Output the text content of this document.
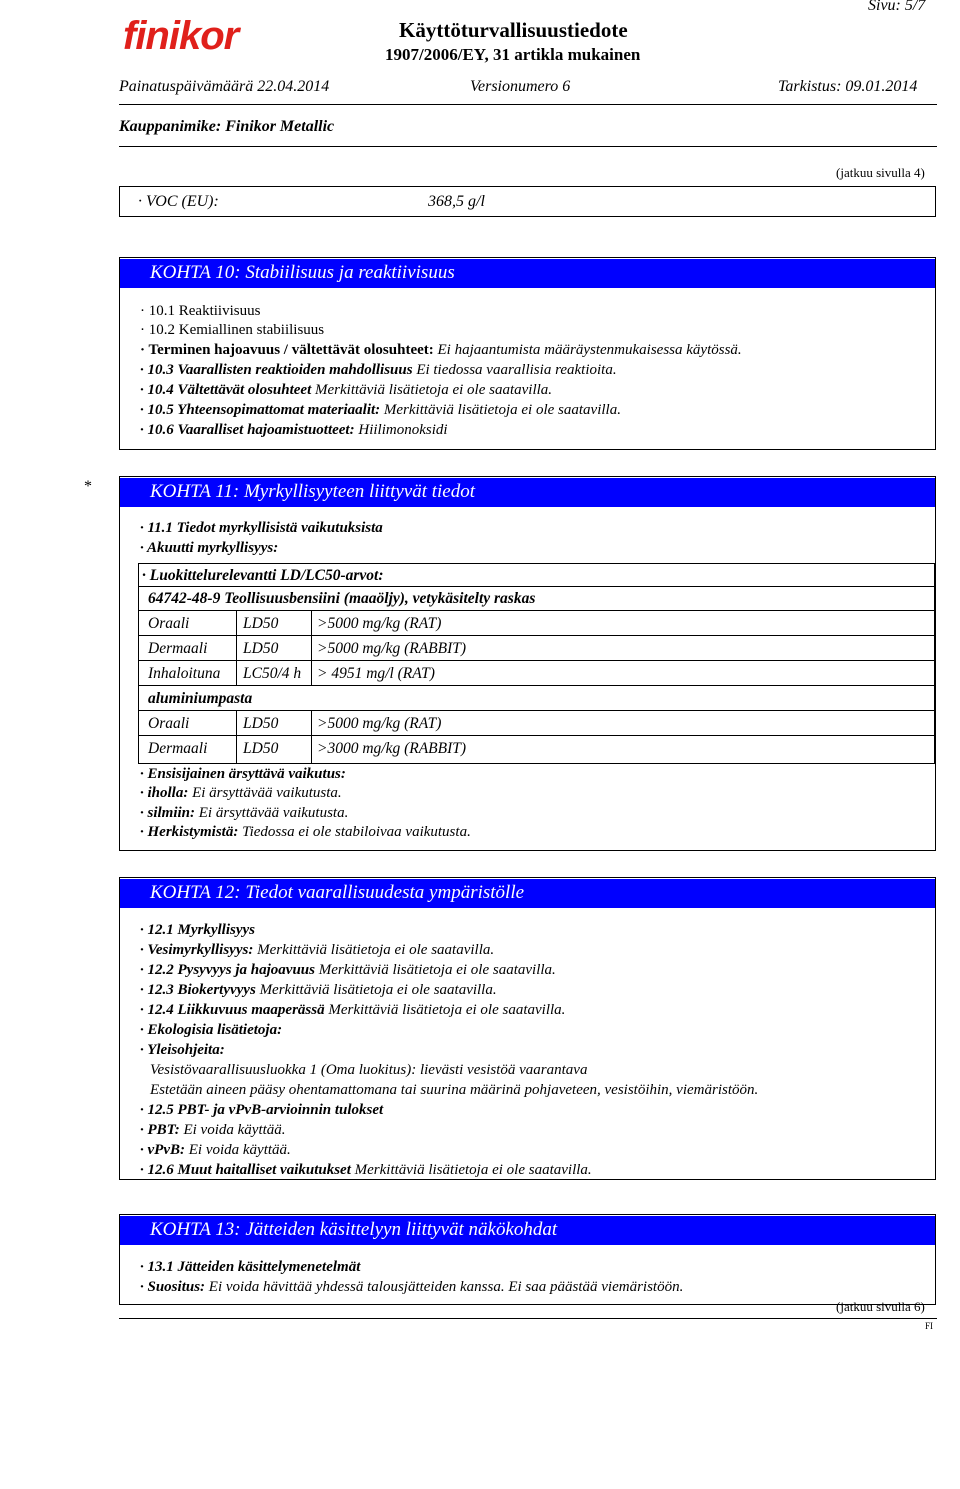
finikor	Käyttöturvallisuustiedote
1907/2006/EY, 31 artikla mukainen
Sivu: 5/7
Painatuspäivämäärä 22.04.2014	Versionumero 6	Tarkistus: 09.01.2014
Kauppanimike: Finikor Metallic
(jatkuu sivulla 4)
· VOC (EU):	368,5 g/l
KOHTA 10: Stabiilisuus ja reaktiivisuus
· 10.1 Reaktiivisuus
· 10.2 Kemiallinen stabiilisuus
· Terminen hajoavuus / vältettävät olosuhteet: Ei hajaantumista määräystenmukaisessa käytössä.
· 10.3 Vaarallisten reaktioiden mahdollisuus Ei tiedossa vaarallisia reaktioita.
· 10.4 Vältettävät olosuhteet Merkittäviä lisätietoja ei ole saatavilla.
· 10.5 Yhteensopimattomat materiaalit: Merkittäviä lisätietoja ei ole saatavilla.
· 10.6 Vaaralliset hajoamistuotteet: Hiilimonoksidi
*	KOHTA 11: Myrkyllisyyteen liittyvät tiedot
· 11.1 Tiedot myrkyllisistä vaikutuksista
· Akuutti myrkyllisyys:
· Luokittelurelevantti LD/LC50-arvot:
64742-48-9 Teollisuusbensiini (maaöljy), vetykäsitelty raskas
Oraali	LD50 >5000 mg/kg (RAT)
Dermaali LD50 >5000 mg/kg (RABBIT)
Inhaloituna LC50/4 h > 4951 mg/l (RAT)
aluminiumpasta
Oraali	LD50 >5000 mg/kg (RAT)
Dermaali LD50 >3000 mg/kg (RABBIT)
· Ensisijainen ärsyttävä vaikutus:
· iholla: Ei ärsyttävää vaikutusta.
· silmiin: Ei ärsyttävää vaikutusta.
· Herkistymistä: Tiedossa ei ole stabiloivaa vaikutusta.
KOHTA 12: Tiedot vaarallisuudesta ympäristölle
· 12.1 Myrkyllisyys
· Vesimyrkyllisyys: Merkittäviä lisätietoja ei ole saatavilla.
· 12.2 Pysyvyys ja hajoavuus Merkittäviä lisätietoja ei ole saatavilla.
· 12.3 Biokertyvyys Merkittäviä lisätietoja ei ole saatavilla.
· 12.4 Liikkuvuus maaperässä Merkittäviä lisätietoja ei ole saatavilla.
· Ekologisia lisätietoja:
· Yleisohjeita:
Vesistövaarallisuusluokka 1 (Oma luokitus): lievästi vesistöä vaarantava
Estetään aineen pääsy ohentamattomana tai suurina määrinä pohjaveteen, vesistöihin, viemäristöön.
· 12.5 PBT- ja vPvB-arvioinnin tulokset
· PBT: Ei voida käyttää.
· vPvB: Ei voida käyttää.
· 12.6 Muut haitalliset vaikutukset Merkittäviä lisätietoja ei ole saatavilla.
KOHTA 13: Jätteiden käsittelyyn liittyvät näkökohdat
· 13.1 Jätteiden käsittelymenetelmät
· Suositus: Ei voida hävittää yhdessä talousjätteiden kanssa. Ei saa päästää viemäristöön.
(jatkuu sivulla 6)
FI
